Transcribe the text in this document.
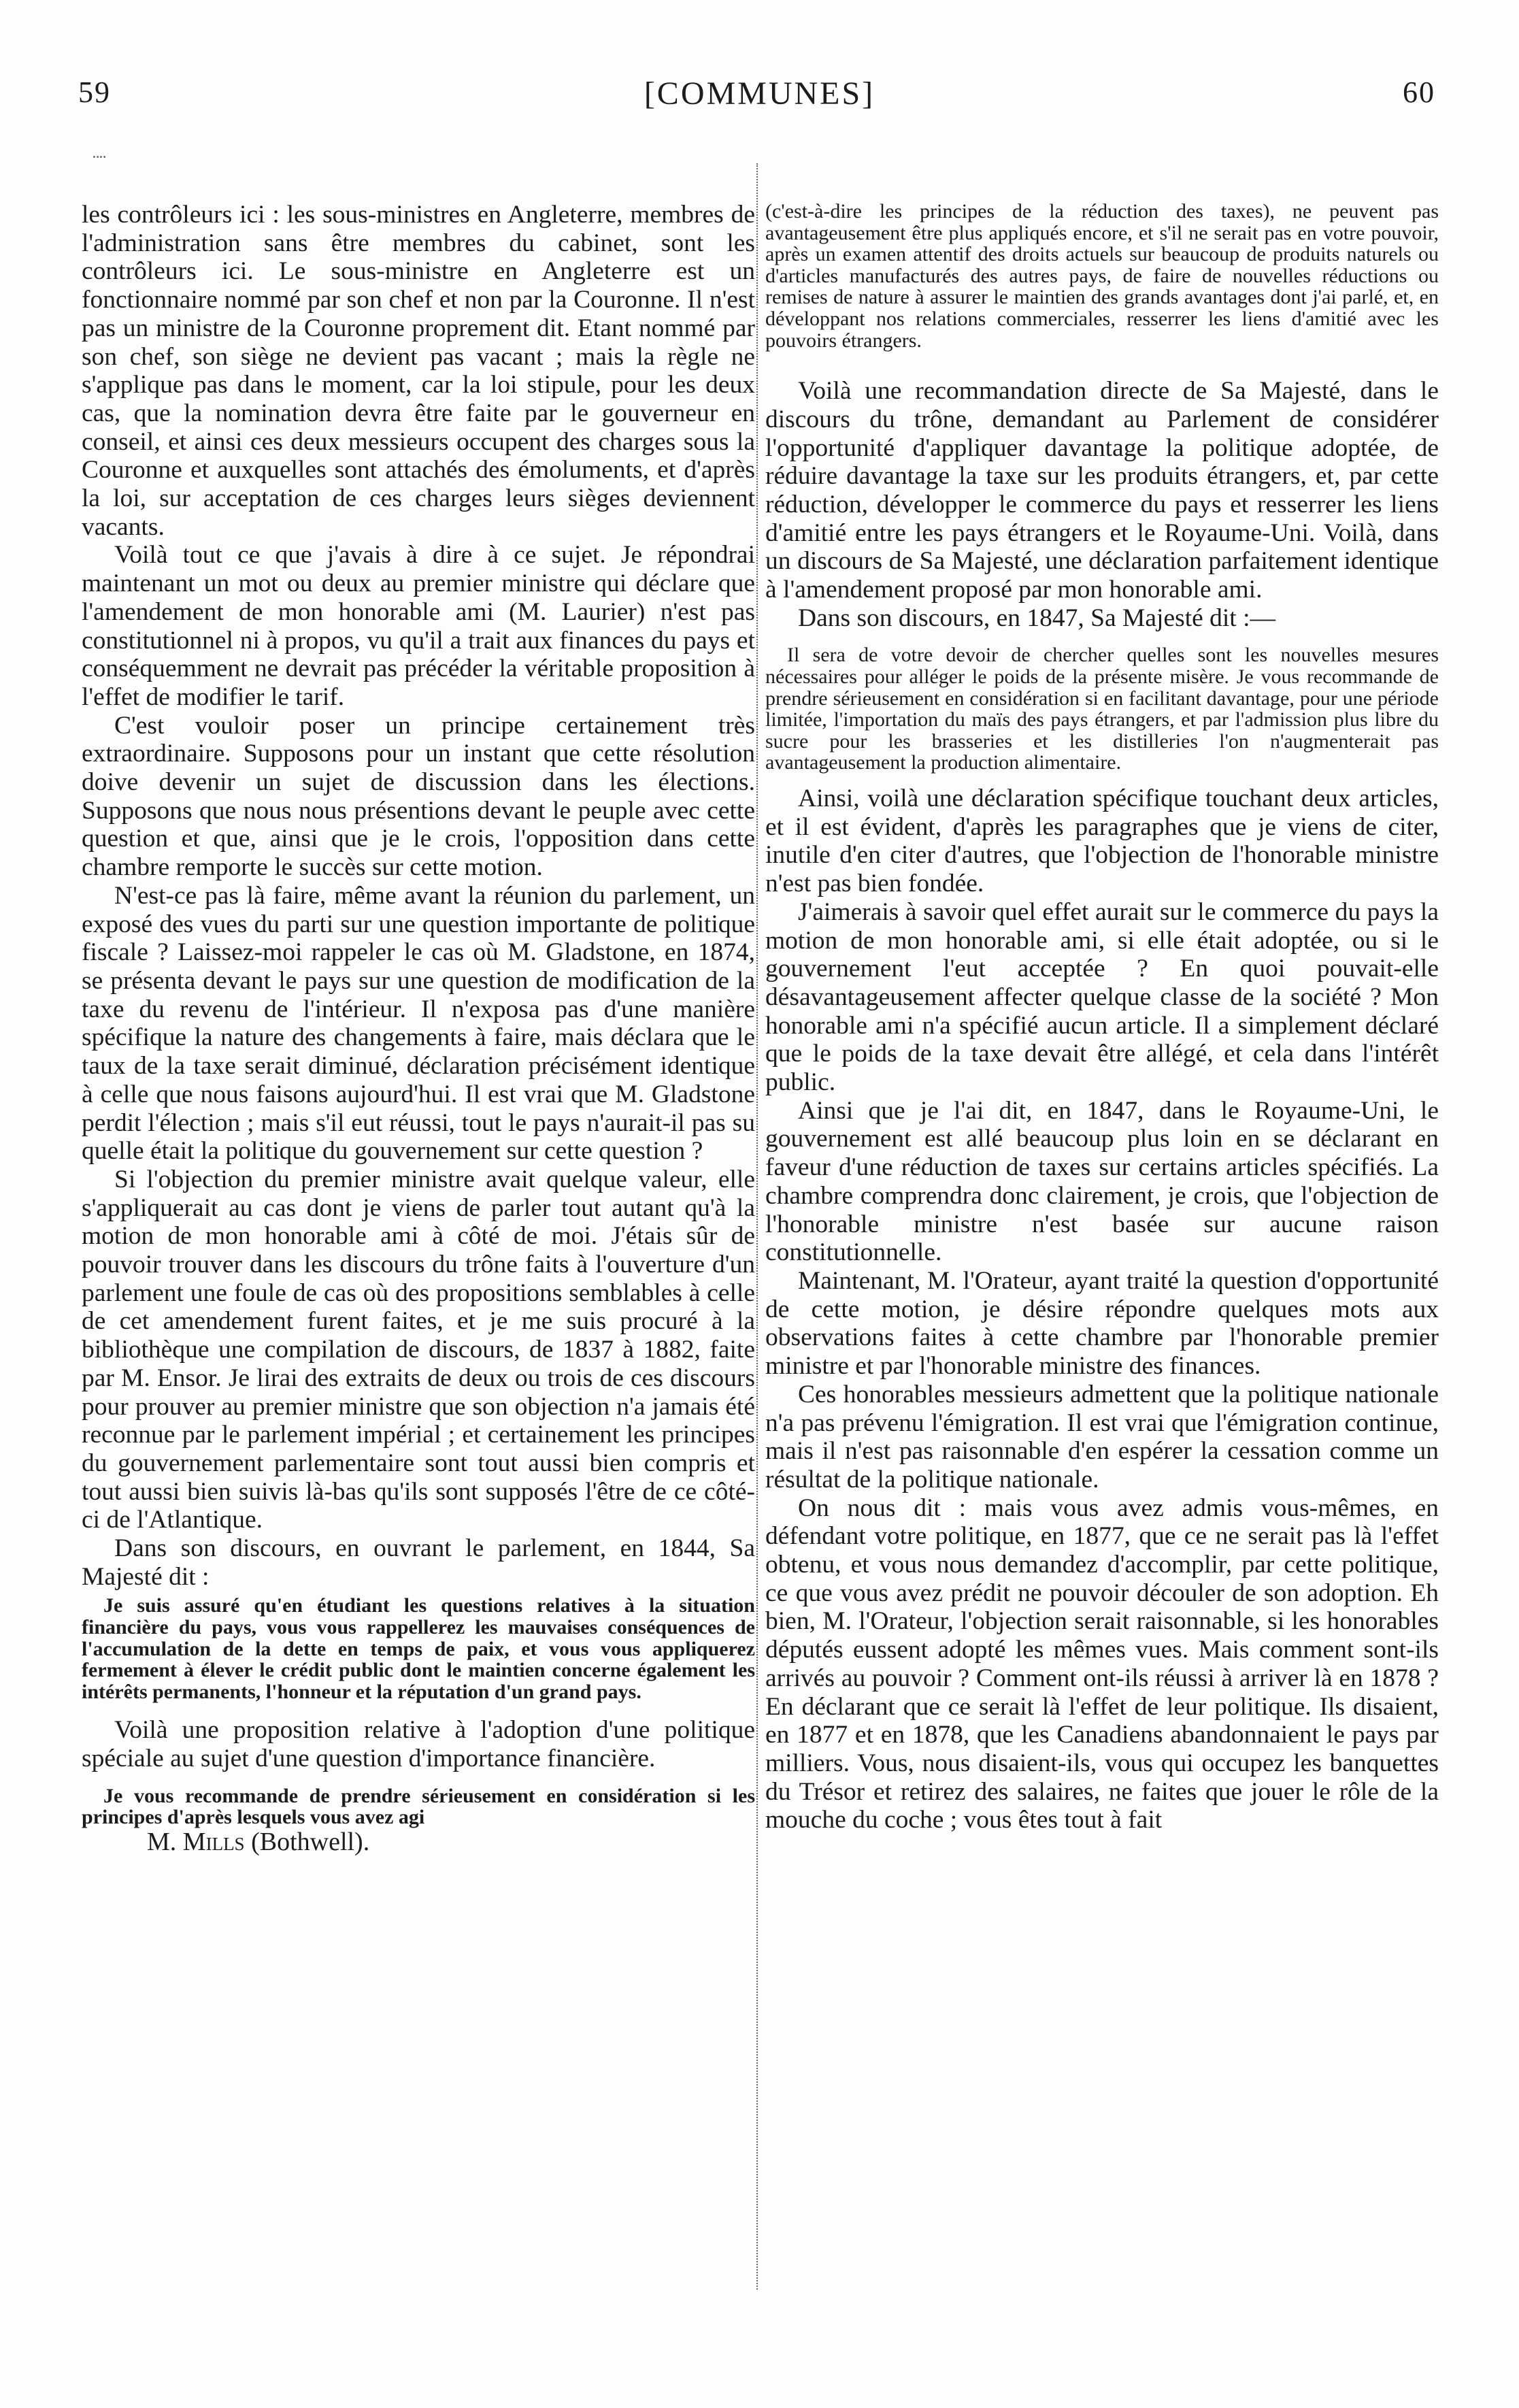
59	[COMMUNES]	60
¨¨

les contrôleurs ici : les sous-ministres en Angleterre, membres de l'administration sans être membres du cabinet, sont les contrôleurs ici. Le sous-ministre en Angleterre est un fonctionnaire nommé par son chef et non par la Couronne. Il n'est pas un ministre de la Couronne proprement dit. Etant nommé par son chef, son siège ne devient pas vacant ; mais la règle ne s'applique pas dans le moment, car la loi stipule, pour les deux cas, que la nomination devra être faite par le gouverneur en conseil, et ainsi ces deux messieurs occupent des charges sous la Couronne et auxquelles sont attachés des émoluments, et d'après la loi, sur acceptation de ces charges leurs sièges deviennent vacants.

Voilà tout ce que j'avais à dire à ce sujet. Je répondrai maintenant un mot ou deux au premier ministre qui déclare que l'amendement de mon honorable ami (M. Laurier) n'est pas constitutionnel ni à propos, vu qu'il a trait aux finances du pays et conséquemment ne devrait pas précéder la véritable proposition à l'effet de modifier le tarif.

C'est vouloir poser un principe certainement très extraordinaire. Supposons pour un instant que cette résolution doive devenir un sujet de discussion dans les élections. Supposons que nous nous présentions devant le peuple avec cette question et que, ainsi que je le crois, l'opposition dans cette chambre remporte le succès sur cette motion.

N'est-ce pas là faire, même avant la réunion du parlement, un exposé des vues du parti sur une question importante de politique fiscale ? Laissez-moi rappeler le cas où M. Gladstone, en 1874, se présenta devant le pays sur une question de modification de la taxe du revenu de l'intérieur. Il n'exposa pas d'une manière spécifique la nature des changements à faire, mais déclara que le taux de la taxe serait diminué, déclaration précisément identique à celle que nous faisons aujourd'hui. Il est vrai que M. Gladstone perdit l'élection ; mais s'il eut réussi, tout le pays n'aurait-il pas su quelle était la politique du gouvernement sur cette question ?

Si l'objection du premier ministre avait quelque valeur, elle s'appliquerait au cas dont je viens de parler tout autant qu'à la motion de mon honorable ami à côté de moi. J'étais sûr de pouvoir trouver dans les discours du trône faits à l'ouverture d'un parlement une foule de cas où des propositions semblables à celle de cet amendement furent faites, et je me suis procuré à la bibliothèque une compilation de discours, de 1837 à 1882, faite par M. Ensor. Je lirai des extraits de deux ou trois de ces discours pour prouver au premier ministre que son objection n'a jamais été reconnue par le parlement impérial ; et certainement les principes du gouvernement parlementaire sont tout aussi bien compris et tout aussi bien suivis là-bas qu'ils sont supposés l'être de ce côté-ci de l'Atlantique.

Dans son discours, en ouvrant le parlement, en 1844, Sa Majesté dit :

Je suis assuré qu'en étudiant les questions relatives à la situation financière du pays, vous vous rappellerez les mauvaises conséquences de l'accumulation de la dette en temps de paix, et vous vous appliquerez fermement à élever le crédit public dont le maintien concerne également les intérêts permanents, l'honneur et la réputation d'un grand pays.

Voilà une proposition relative à l'adoption d'une politique spéciale au sujet d'une question d'importance financière.

Je vous recommande de prendre sérieusement en considération si les principes d'après lesquels vous avez agi

M. Mills (Bothwell).

(c'est-à-dire les principes de la réduction des taxes), ne peuvent pas avantageusement être plus appliqués encore, et s'il ne serait pas en votre pouvoir, après un examen attentif des droits actuels sur beaucoup de produits naturels ou d'articles manufacturés des autres pays, de faire de nouvelles réductions ou remises de nature à assurer le maintien des grands avantages dont j'ai parlé, et, en développant nos relations commerciales, resserrer les liens d'amitié avec les pouvoirs étrangers.

Voilà une recommandation directe de Sa Majesté, dans le discours du trône, demandant au Parlement de considérer l'opportunité d'appliquer davantage la politique adoptée, de réduire davantage la taxe sur les produits étrangers, et, par cette réduction, développer le commerce du pays et resserrer les liens d'amitié entre les pays étrangers et le Royaume-Uni. Voilà, dans un discours de Sa Majesté, une déclaration parfaitement identique à l'amendement proposé par mon honorable ami.

Dans son discours, en 1847, Sa Majesté dit :—

Il sera de votre devoir de chercher quelles sont les nouvelles mesures nécessaires pour alléger le poids de la présente misère. Je vous recommande de prendre sérieusement en considération si en facilitant davantage, pour une période limitée, l'importation du maïs des pays étrangers, et par l'admission plus libre du sucre pour les brasseries et les distilleries l'on n'augmenterait pas avantageusement la production alimentaire.

Ainsi, voilà une déclaration spécifique touchant deux articles, et il est évident, d'après les paragraphes que je viens de citer, inutile d'en citer d'autres, que l'objection de l'honorable ministre n'est pas bien fondée.

J'aimerais à savoir quel effet aurait sur le commerce du pays la motion de mon honorable ami, si elle était adoptée, ou si le gouvernement l'eut acceptée ? En quoi pouvait-elle désavantageusement affecter quelque classe de la société ? Mon honorable ami n'a spécifié aucun article. Il a simplement déclaré que le poids de la taxe devait être allégé, et cela dans l'intérêt public.

Ainsi que je l'ai dit, en 1847, dans le Royaume-Uni, le gouvernement est allé beaucoup plus loin en se déclarant en faveur d'une réduction de taxes sur certains articles spécifiés. La chambre comprendra donc clairement, je crois, que l'objection de l'honorable ministre n'est basée sur aucune raison constitutionnelle.

Maintenant, M. l'Orateur, ayant traité la question d'opportunité de cette motion, je désire répondre quelques mots aux observations faites à cette chambre par l'honorable premier ministre et par l'honorable ministre des finances.

Ces honorables messieurs admettent que la politique nationale n'a pas prévenu l'émigration. Il est vrai que l'émigration continue, mais il n'est pas raisonnable d'en espérer la cessation comme un résultat de la politique nationale.

On nous dit : mais vous avez admis vous-mêmes, en défendant votre politique, en 1877, que ce ne serait pas là l'effet obtenu, et vous nous demandez d'accomplir, par cette politique, ce que vous avez prédit ne pouvoir découler de son adoption. Eh bien, M. l'Orateur, l'objection serait raisonnable, si les honorables députés eussent adopté les mêmes vues. Mais comment sont-ils arrivés au pouvoir ? Comment ont-ils réussi à arriver là en 1878 ? En déclarant que ce serait là l'effet de leur politique. Ils disaient, en 1877 et en 1878, que les Canadiens abandonnaient le pays par milliers. Vous, nous disaient-ils, vous qui occupez les banquettes du Trésor et retirez des salaires, ne faites que jouer le rôle de la mouche du coche ; vous êtes tout à fait
